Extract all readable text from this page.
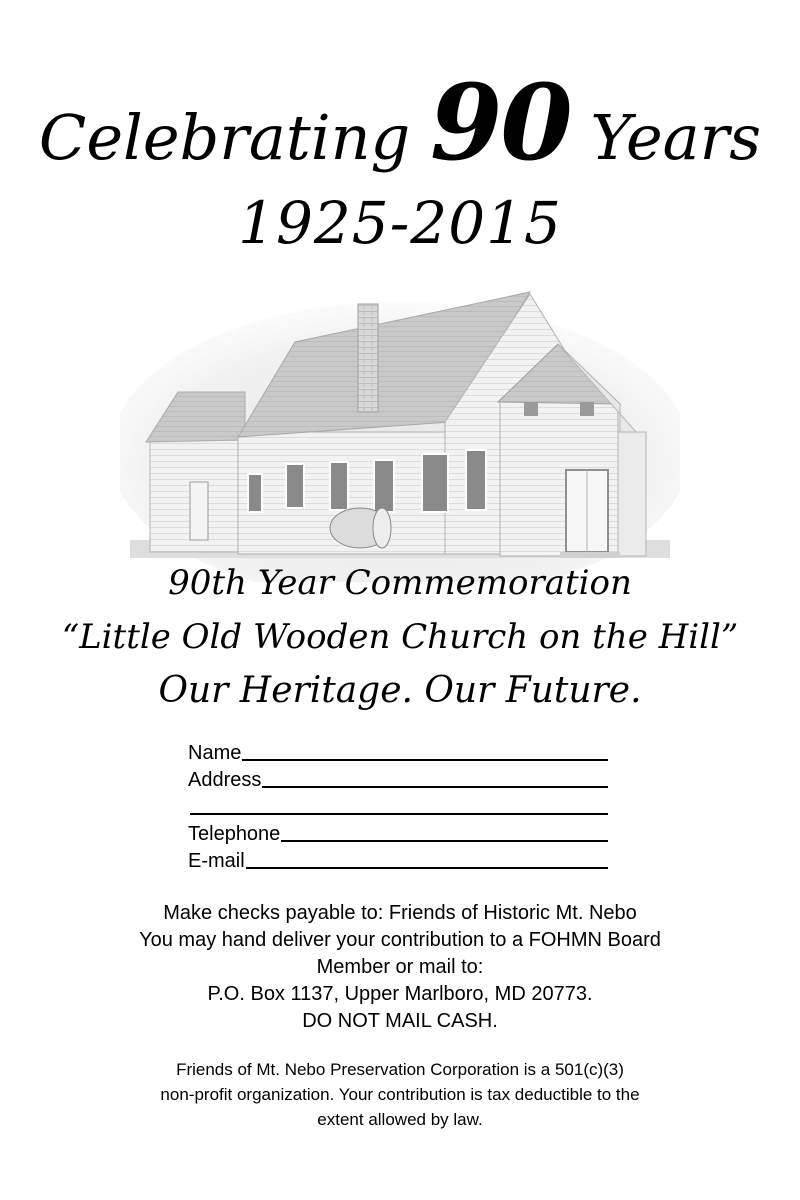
Celebrating 90 Years
1925-2015
90th Year Commemoration
“Little Old Wooden Church on the Hill”
Our Heritage. Our Future.
Name
Address
Telephone
E-mail
Make checks payable to: Friends of Historic Mt. Nebo
You may hand deliver your contribution to a FOHMN Board
Member or mail to:
P.O. Box 1137, Upper Marlboro, MD 20773.
DO NOT MAIL CASH.
Friends of Mt. Nebo Preservation Corporation is a 501(c)(3)
non-profit organization. Your contribution is tax deductible to the
extent allowed by law.
